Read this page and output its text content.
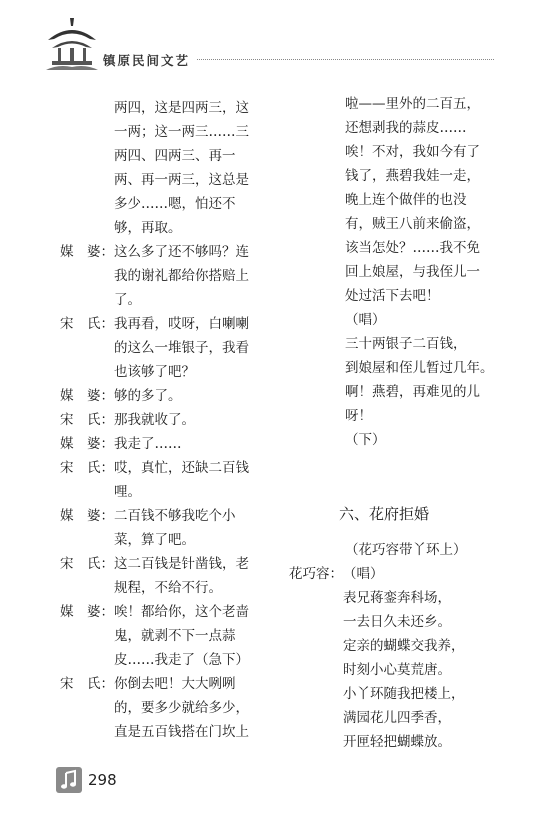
镇原民间文艺
两四，这是四两三，这
一两；这一两三……三
两四、四两三、再一
两、再一两三，这总是
多少……嗯，怕还不
够，再取。
媒　婆： 这么多了还不够吗？连
我的谢礼都给你搭赔上
了。
宋　氏： 我再看，哎呀，白喇喇
的这么一堆银子，我看
也该够了吧？
媒　婆： 够的多了。
宋　氏： 那我就收了。
媒　婆： 我走了……
宋　氏： 哎，真忙，还缺二百钱
哩。
媒　婆： 二百钱不够我吃个小
菜，算了吧。
宋　氏： 这二百钱是针凿钱，老
规程，不给不行。
媒　婆： 唉！都给你，这个老啬
鬼，就剥不下一点蒜
皮……我走了（急下）
宋　氏： 你倒去吧！大大咧咧
的，要多少就给多少，
直是五百钱搭在门坎上
啦——里外的二百五，
还想剥我的蒜皮……
唉！不对，我如今有了
钱了，燕碧我娃一走，
晚上连个做伴的也没
有，贼王八前来偷盗，
该当怎处？……我不免
回上娘屋，与我侄儿一
处过活下去吧！
（唱）
三十两银子二百钱，
到娘屋和侄儿暂过几年。
啊！燕碧，再难见的儿
呀！
（下）
六、花府拒婚
（花巧容带丫环上）
花巧容： （唱）
表兄蒋銮奔科场，
一去日久未还乡。
定亲的蝴蝶交我养，
时刻小心莫荒唐。
小丫环随我把楼上，
满园花儿四季香，
开匣轻把蝴蝶放。
298
